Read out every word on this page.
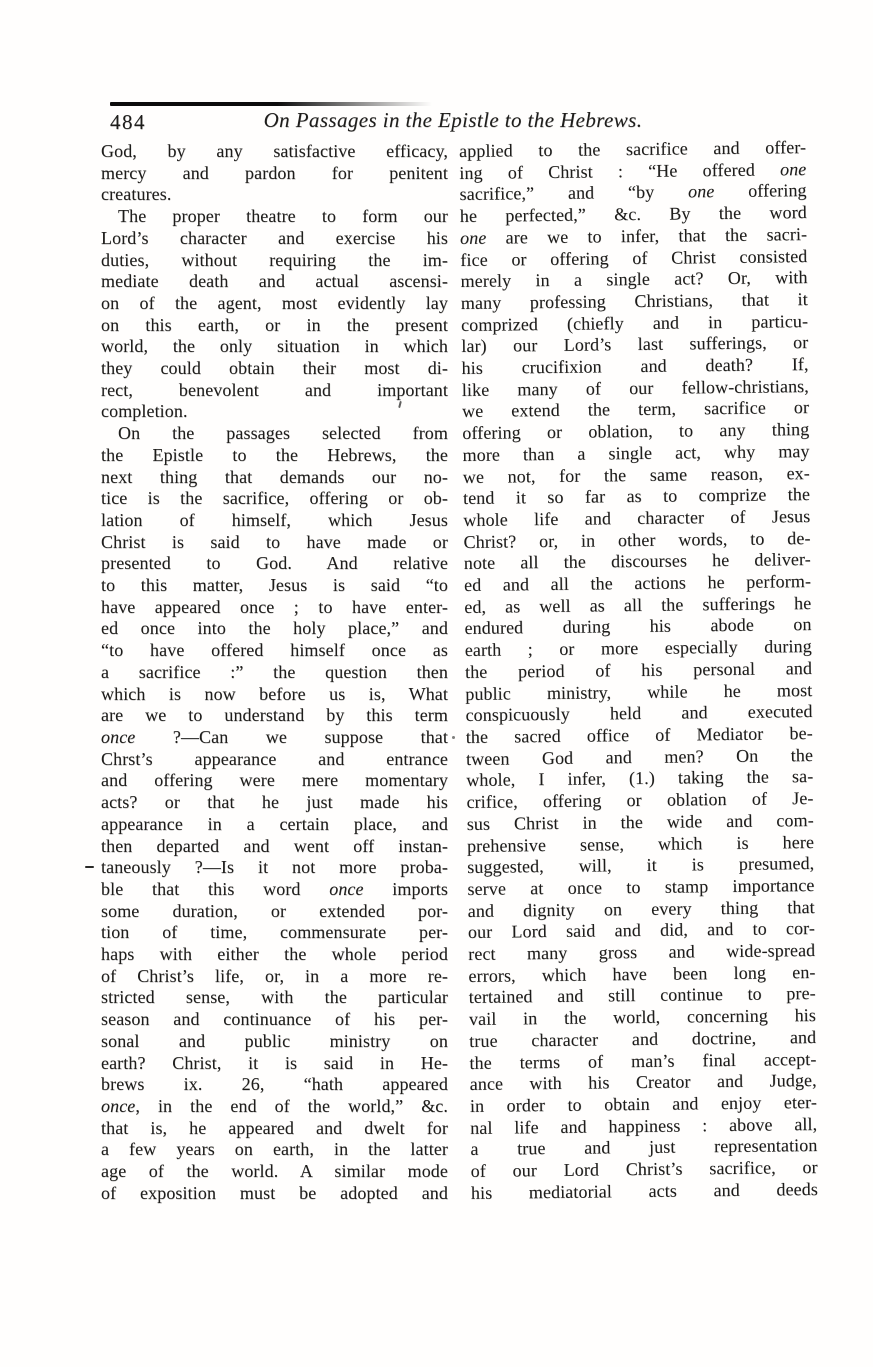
484	On Passages in the Epistle to the Hebrews.
God, by any satisfactive efficacy,
mercy and pardon for penitent
creatures.
The proper theatre to form our
Lord’s character and exercise his
duties, without requiring the im-
mediate death and actual ascensi-
on of the agent, most evidently lay
on this earth, or in the present
world, the only situation in which
they could obtain their most di-
rect, benevolent and important
completion.
On the passages selected from
the Epistle to the Hebrews, the
next thing that demands our no-
tice is the sacrifice, offering or ob-
lation of himself, which Jesus
Christ is said to have made or
presented to God. And relative
to this matter, Jesus is said “to
have appeared once ; to have enter-
ed once into the holy place,” and
“to have offered himself once as
a sacrifice :” the question then
which is now before us is, What
are we to understand by this term
once ?—Can we suppose that
Chrst’s appearance and entrance
and offering were mere momentary
acts? or that he just made his
appearance in a certain place, and
then departed and went off instan-
taneously ?—Is it not more proba-
ble that this word once imports
some duration, or extended por-
tion of time, commensurate per-
haps with either the whole period
of Christ’s life, or, in a more re-
stricted sense, with the particular
season and continuance of his per-
sonal and public ministry on
earth? Christ, it is said in He-
brews ix. 26, “hath appeared
once, in the end of the world,” &c.
that is, he appeared and dwelt for
a few years on earth, in the latter
age of the world. A similar mode
of exposition must be adopted and
applied to the sacrifice and offer-
ing of Christ : “He offered one
sacrifice,” and “by one offering
he perfected,” &c. By the word
one are we to infer, that the sacri-
fice or offering of Christ consisted
merely in a single act? Or, with
many professing Christians, that it
comprized (chiefly and in particu-
lar) our Lord’s last sufferings, or
his crucifixion and death? If,
like many of our fellow-christians,
we extend the term, sacrifice or
offering or oblation, to any thing
more than a single act, why may
we not, for the same reason, ex-
tend it so far as to comprize the
whole life and character of Jesus
Christ? or, in other words, to de-
note all the discourses he deliver-
ed and all the actions he perform-
ed, as well as all the sufferings he
endured during his abode on
earth ; or more especially during
the period of his personal and
public ministry, while he most
conspicuously held and executed
the sacred office of Mediator be-
tween God and men? On the
whole, I infer, (1.) taking the sa-
crifice, offering or oblation of Je-
sus Christ in the wide and com-
prehensive sense, which is here
suggested, will, it is presumed,
serve at once to stamp importance
and dignity on every thing that
our Lord said and did, and to cor-
rect many gross and wide-spread
errors, which have been long en-
tertained and still continue to pre-
vail in the world, concerning his
true character and doctrine, and
the terms of man’s final accept-
ance with his Creator and Judge,
in order to obtain and enjoy eter-
nal life and happiness : above all,
a true and just representation
of our Lord Christ’s sacrifice, or
his mediatorial acts and deeds
